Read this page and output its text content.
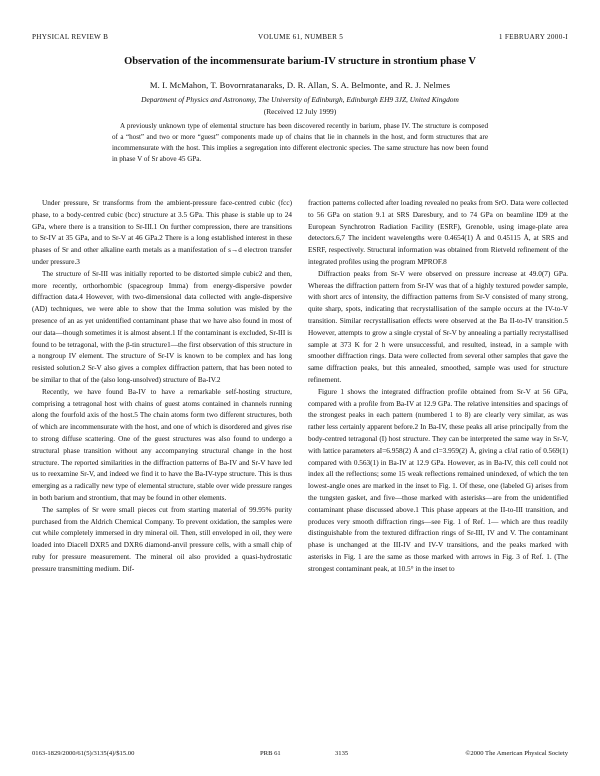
PHYSICAL REVIEW B	VOLUME 61, NUMBER 5	1 FEBRUARY 2000-I
Observation of the incommensurate barium-IV structure in strontium phase V
M. I. McMahon, T. Bovornratanaraks, D. R. Allan, S. A. Belmonte, and R. J. Nelmes
Department of Physics and Astronomy, The University of Edinburgh, Edinburgh EH9 3JZ, United Kingdom
(Received 12 July 1999)
A previously unknown type of elemental structure has been discovered recently in barium, phase IV. The structure is composed of a “host” and two or more “guest” components made up of chains that lie in channels in the host, and form structures that are incommensurate with the host. This implies a segregation into different electronic species. The same structure has now been found in phase V of Sr above 45 GPa.

Under pressure, Sr transforms from the ambient-pressure face-centred cubic (fcc) phase, to a body-centred cubic (bcc) structure at 3.5 GPa. This phase is stable up to 24 GPa, where there is a transition to Sr-III.1 On further compression, there are transitions to Sr-IV at 35 GPa, and to Sr-V at 46 GPa.2 There is a long established interest in these phases of Sr and other alkaline earth metals as a manifestation of s→d electron transfer under pressure.3

The structure of Sr-III was initially reported to be distorted simple cubic2 and then, more recently, orthorhombic (spacegroup Imma) from energy-dispersive powder diffraction data.4 However, with two-dimensional data collected with angle-dispersive (AD) techniques, we were able to show that the Imma solution was misled by the presence of an as yet unidentified contaminant phase that we have also found in most of our data—though sometimes it is almost absent.1 If the contaminant is excluded, Sr-III is found to be tetragonal, with the β-tin structure1—the first observation of this structure in a nongroup IV element. The structure of Sr-IV is known to be complex and has long resisted solution.2 Sr-V also gives a complex diffraction pattern, that has been noted to be similar to that of the (also long-unsolved) structure of Ba-IV.2

Recently, we have found Ba-IV to have a remarkable self-hosting structure, comprising a tetragonal host with chains of guest atoms contained in channels running along the fourfold axis of the host.5 The chain atoms form two different structures, both of which are incommensurate with the host, and one of which is disordered and gives rise to strong diffuse scattering. One of the guest structures was also found to undergo a structural phase transition without any accompanying structural change in the host structure. The reported similarities in the diffraction patterns of Ba-IV and Sr-V have led us to reexamine Sr-V, and indeed we find it to have the Ba-IV-type structure. This is thus emerging as a radically new type of elemental structure, stable over wide pressure ranges in both barium and strontium, that may be found in other elements.

The samples of Sr were small pieces cut from starting material of 99.95% purity purchased from the Aldrich Chemical Company. To prevent oxidation, the samples were cut while completely immersed in dry mineral oil. Then, still enveloped in oil, they were loaded into Diacell DXR5 and DXR6 diamond-anvil pressure cells, with a small chip of ruby for pressure measurement. The mineral oil also provided a quasi-hydrostatic pressure transmitting medium. Dif-

fraction patterns collected after loading revealed no peaks from SrO. Data were collected to 56 GPa on station 9.1 at SRS Daresbury, and to 74 GPa on beamline ID9 at the European Synchrotron Radiation Facility (ESRF), Grenoble, using image-plate area detectors.6,7 The incident wavelengths were 0.4654(1) Å and 0.45115 Å, at SRS and ESRF, respectively. Structural information was obtained from Rietveld refinement of the integrated profiles using the program MPROF.8

Diffraction peaks from Sr-V were observed on pressure increase at 49.0(7) GPa. Whereas the diffraction pattern from Sr-IV was that of a highly textured powder sample, with short arcs of intensity, the diffraction patterns from Sr-V consisted of many strong, quite sharp, spots, indicating that recrystallisation of the sample occurs at the IV-to-V transition. Similar recrystallisation effects were observed at the Ba II-to-IV transition.5 However, attempts to grow a single crystal of Sr-V by annealing a partially recrystallised sample at 373 K for 2 h were unsuccessful, and resulted, instead, in a sample with smoother diffraction rings. Data were collected from several other samples that gave the same diffraction peaks, but this annealed, smoothed, sample was used for structure refinement.

Figure 1 shows the integrated diffraction profile obtained from Sr-V at 56 GPa, compared with a profile from Ba-IV at 12.9 GPa. The relative intensities and spacings of the strongest peaks in each pattern (numbered 1 to 8) are clearly very similar, as was rather less certainly apparent before.2 In Ba-IV, these peaks all arise principally from the body-centred tetragonal (I) host structure. They can be interpreted the same way in Sr-V, with lattice parameters aI=6.958(2) Å and cI=3.959(2) Å, giving a cI/aI ratio of 0.569(1) compared with 0.563(1) in Ba-IV at 12.9 GPa. However, as in Ba-IV, this cell could not index all the reflections; some 15 weak reflections remained unindexed, of which the ten lowest-angle ones are marked in the inset to Fig. 1. Of these, one (labeled G) arises from the tungsten gasket, and five—those marked with asterisks—are from the unidentified contaminant phase discussed above.1 This phase appears at the II-to-III transition, and produces very smooth diffraction rings—see Fig. 1 of Ref. 1— which are thus readily distinguishable from the textured diffraction rings of Sr-III, IV and V. The contaminant phase is unchanged at the III-IV and IV-V transitions, and the peaks marked with asterisks in Fig. 1 are the same as those marked with arrows in Fig. 3 of Ref. 1. (The strongest contaminant peak, at 10.5° in the inset to

0163-1829/2000/61(5)/3135(4)/$15.00	PRB 61	3135	©2000 The American Physical Society
